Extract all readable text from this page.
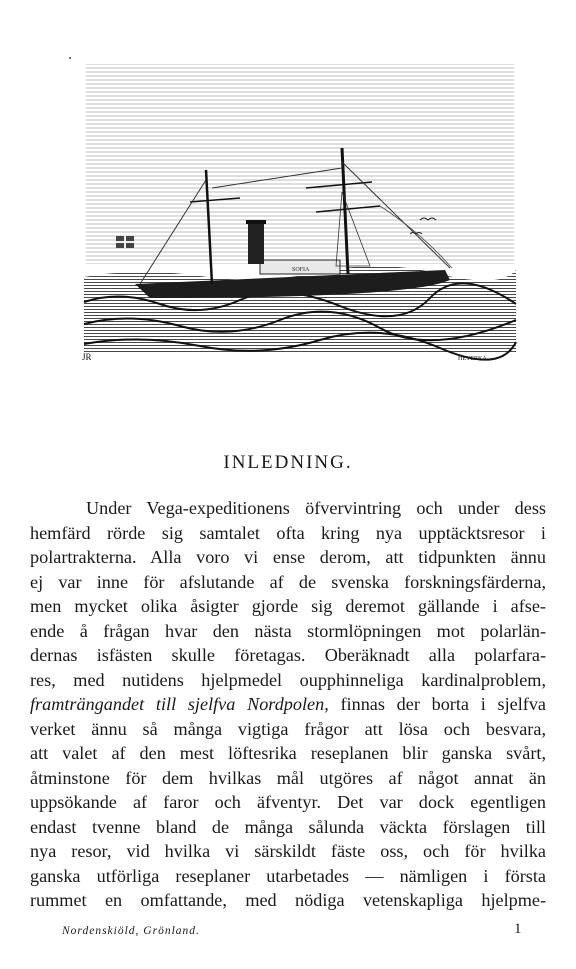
SOFIA
JR	HEYERKA
INLEDNING.
Under Vega-expeditionens öfvervintring och under dess
hemfärd rörde sig samtalet ofta kring nya upptäcktsresor i
polartrakterna. Alla voro vi ense derom, att tidpunkten ännu
ej var inne för afslutande af de svenska forskningsfärderna,
men mycket olika åsigter gjorde sig deremot gällande i afse-
ende å frågan hvar den nästa stormlöpningen mot polarlän-
dernas isfästen skulle företagas. Oberäknadt alla polarfara-
res, med nutidens hjelpmedel oupphinneliga kardinalproblem,
framträngandet till sjelfva Nordpolen, finnas der borta i sjelfva
verket ännu så många vigtiga frågor att lösa och besvara,
att valet af den mest löftesrika reseplanen blir ganska svårt,
åtminstone för dem hvilkas mål utgöres af något annat än
uppsökande af faror och äfventyr. Det var dock egentligen
endast tvenne bland de många sålunda väckta förslagen till
nya resor, vid hvilka vi särskildt fäste oss, och för hvilka
ganska utförliga reseplaner utarbetades — nämligen i första
rummet en omfattande, med nödiga vetenskapliga hjelpme-
Nordenskiöld, Grönland.	1
